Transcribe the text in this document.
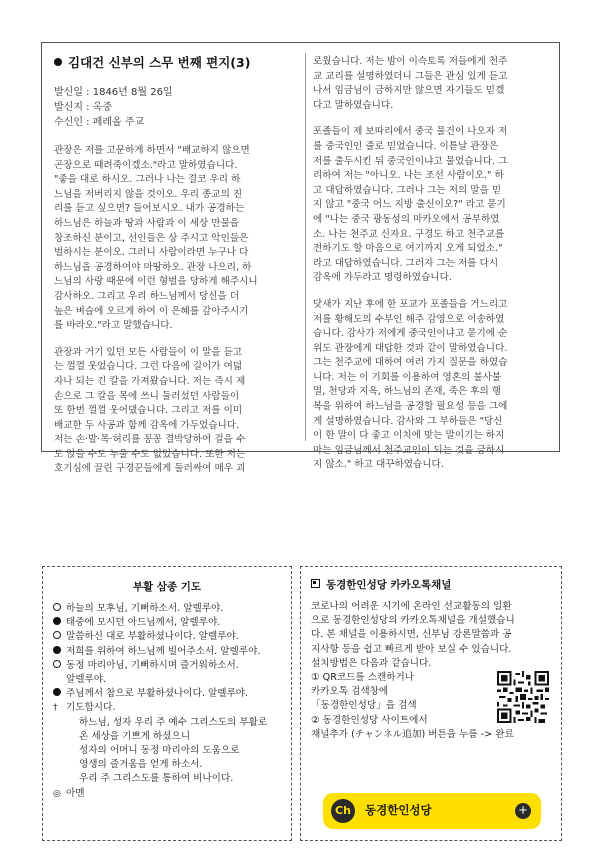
김대건 신부의 스무 번째 편지(3)
발신일 : 1846년 8월 26일
발신지 : 옥중
수신인 : 페레올 주교

관장은 저를 고문하게 하면서 "배교하지 않으면
곤장으로 때려죽이겠소."라고 말하였습니다.
"좋을 대로 하시오. 그러나 나는 결코 우리 하
느님을 저버리지 않을 것이오. 우리 종교의 진
리를 듣고 싶으면? 들어보시오. 내가 공경하는
하느님은 하늘과 땅과 사람과 이 세상 만물을
창조하신 분이고, 선인들은 상 주시고 악인들은
벌하시는 분이오. 그러니 사람이라면 누구나 다
하느님을 공경하여야 마땅하오. 관장 나으리, 하
느님의 사랑 때문에 이런 형벌을 당하게 해주시니
감사하오. 그리고 우리 하느님께서 당신을 더
높은 벼슬에 오르게 하여 이 은혜를 갚아주시기
를 바라오."라고 말했습니다.

관장과 거기 있던 모든 사람들이 이 말을 듣고
는 껄껄 웃었습니다. 그런 다음에 길이가 여덟
자나 되는 긴 칼을 가져왔습니다. 저는 즉시 제
손으로 그 칼을 목에 쓰니 둘러섰던 사람들이
또 한번 껄껄 웃어댔습니다. 그리고 저를 이미
배교한 두 사공과 함께 감옥에 가두었습니다.
저는 손·발·목·허리를 꽁꽁 결박당하여 걸을 수
도 앉을 수도 누울 수도 없었습니다. 또한 저는
호기심에 끌린 구경꾼들에게 둘러싸여 매우 괴

로웠습니다. 저는 밤이 이슥토록 저들에게 천주
교 교리를 설명하였더니 그들은 관심 있게 듣고
나서 임금님이 금하지만 않으면 자기들도 믿겠
다고 말하였습니다.

포졸들이 제 보따리에서 중국 물건이 나오자 저
를 중국인인 줄로 믿었습니다. 이튿날 관장은
저를 출두시킨 뒤 중국인이냐고 물었습니다. 그
리하여 저는 "아니오. 나는 조선 사람이오." 하
고 대답하였습니다. 그러나 그는 저의 말을 믿
지 않고 "중국 어느 지방 출신이오?" 라고 묻기
에 "나는 중국 광동성의 마카오에서 공부하였
소. 나는 천주교 신자요. 구경도 하고 천주교를
전하기도 할 마음으로 여기까지 오게 되었소."
라고 대답하였습니다. 그러자 그는 저를 다시
감옥에 가두라고 명령하였습니다.

닷새가 지난 후에 한 포교가 포졸들을 거느리고
저를 황해도의 수부인 해주 감영으로 이송하였
습니다. 감사가 저에게 중국인이냐고 묻기에 순
위도 관장에게 대답한 것과 같이 말하였습니다.
그는 천주교에 대하여 여러 가지 질문을 하였습
니다. 저는 이 기회를 이용하여 영혼의 불사불
멸, 천당과 지옥, 하느님의 존재, 죽은 후의 행
복을 위하여 하느님을 공경할 필요성 등을 그에
게 설명하였습니다. 감사와 그 부하들은 "당신
이 한 말이 다 좋고 이치에 맞는 말이기는 하지
마는 임금님께서 천주교인이 되는 것을 금하시
지 않소." 하고 대꾸하였습니다.

부활 삼종 기도
하늘의 모후님, 기뻐하소서. 알렐루야.
태중에 모시던 아드님께서, 알렐루야.
말씀하신 대로 부활하셨나이다. 알렐루야.
저희를 위하여 하느님께 빌어주소서. 알렐루야.
동정 마리아님, 기뻐하시며 즐거워하소서.
알렐루야.
주님께서 참으로 부활하셨나이다. 알렐루야.
† 기도합시다.
하느님, 성자 우리 주 예수 그리스도의 부활로
온 세상을 기쁘게 하셨으니
성자의 어머니 동정 마리아의 도움으로
영생의 즐거움을 얻게 하소서.
우리 주 그리스도를 통하여 비나이다.
◎ 아멘
동경한인성당 카카오톡채널
코로나의 어려운 시기에 온라인 선교활동의 일환
으로 동경한인성당의 카카오톡채널을 개설했습니
다. 본 채널을 이용하시면, 신부님 강론말씀과 공
지사항 등을 쉽고 빠르게 받아 보실 수 있습니다.
설치방법은 다음과 같습니다.
① QR코드를 스캔하거나
카카오톡 검색창에
「동경한인성당」을 검색
② 동경한인성당 사이트에서
채널추가 (チャンネル追加) 버튼을 누름 -> 완료
Ch	동경한인성당	+
